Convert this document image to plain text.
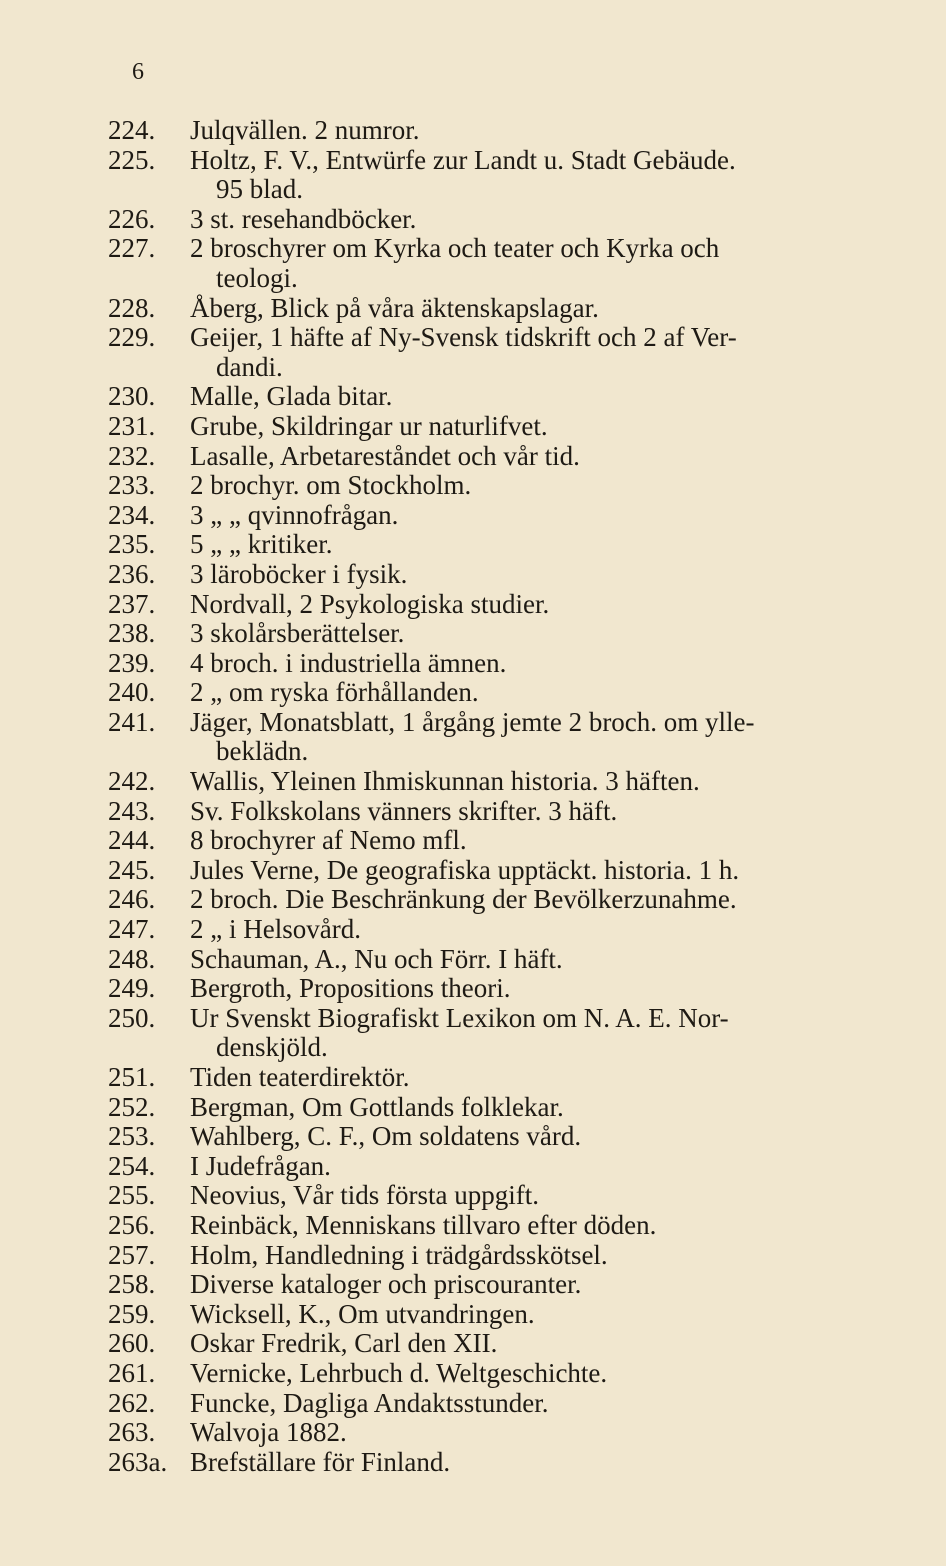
6
224.	Julqvällen. 2 numror.
225.	Holtz, F. V., Entwürfe zur Landt u. Stadt Gebäude.
95 blad.
226.	3 st. resehandböcker.
227.	2 broschyrer om Kyrka och teater och Kyrka och
teologi.
228.	Åberg, Blick på våra äktenskapslagar.
229.	Geijer, 1 häfte af Ny-Svensk tidskrift och 2 af Ver-
dandi.
230.	Malle, Glada bitar.
231.	Grube, Skildringar ur naturlifvet.
232.	Lasalle, Arbetareståndet och vår tid.
233.	2 brochyr. om Stockholm.
234.	3 „ „ qvinnofrågan.
235.	5 „ „ kritiker.
236.	3 läroböcker i fysik.
237.	Nordvall, 2 Psykologiska studier.
238.	3 skolårsberättelser.
239.	4 broch. i industriella ämnen.
240.	2 „ om ryska förhållanden.
241.	Jäger, Monatsblatt, 1 årgång jemte 2 broch. om ylle-
beklädn.
242.	Wallis, Yleinen Ihmiskunnan historia. 3 häften.
243.	Sv. Folkskolans vänners skrifter. 3 häft.
244.	8 brochyrer af Nemo mfl.
245.	Jules Verne, De geografiska upptäckt. historia. 1 h.
246.	2 broch. Die Beschränkung der Bevölkerzunahme.
247.	2 „ i Helsovård.
248.	Schauman, A., Nu och Förr. I häft.
249.	Bergroth, Propositions theori.
250.	Ur Svenskt Biografiskt Lexikon om N. A. E. Nor-
denskjöld.
251.	Tiden teaterdirektör.
252.	Bergman, Om Gottlands folklekar.
253.	Wahlberg, C. F., Om soldatens vård.
254.	I Judefrågan.
255.	Neovius, Vår tids första uppgift.
256.	Reinbäck, Menniskans tillvaro efter döden.
257.	Holm, Handledning i trädgårdsskötsel.
258.	Diverse kataloger och priscouranter.
259.	Wicksell, K., Om utvandringen.
260.	Oskar Fredrik, Carl den XII.
261.	Vernicke, Lehrbuch d. Weltgeschichte.
262.	Funcke, Dagliga Andaktsstunder.
263.	Walvoja 1882.
263a. Brefställare för Finland.
